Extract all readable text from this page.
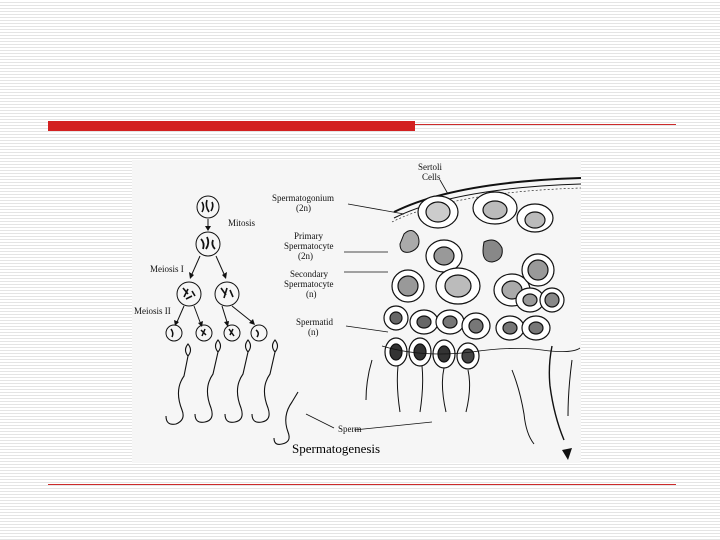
Sertoli
Cells
Spermatogonium
(2n)
Mitosis
Primary
Spermatocyte
(2n)
Meiosis I	Secondary
Spermatocyte
(n)
Meiosis II
Spermatid
(n)
Sperm
Spermatogenesis
